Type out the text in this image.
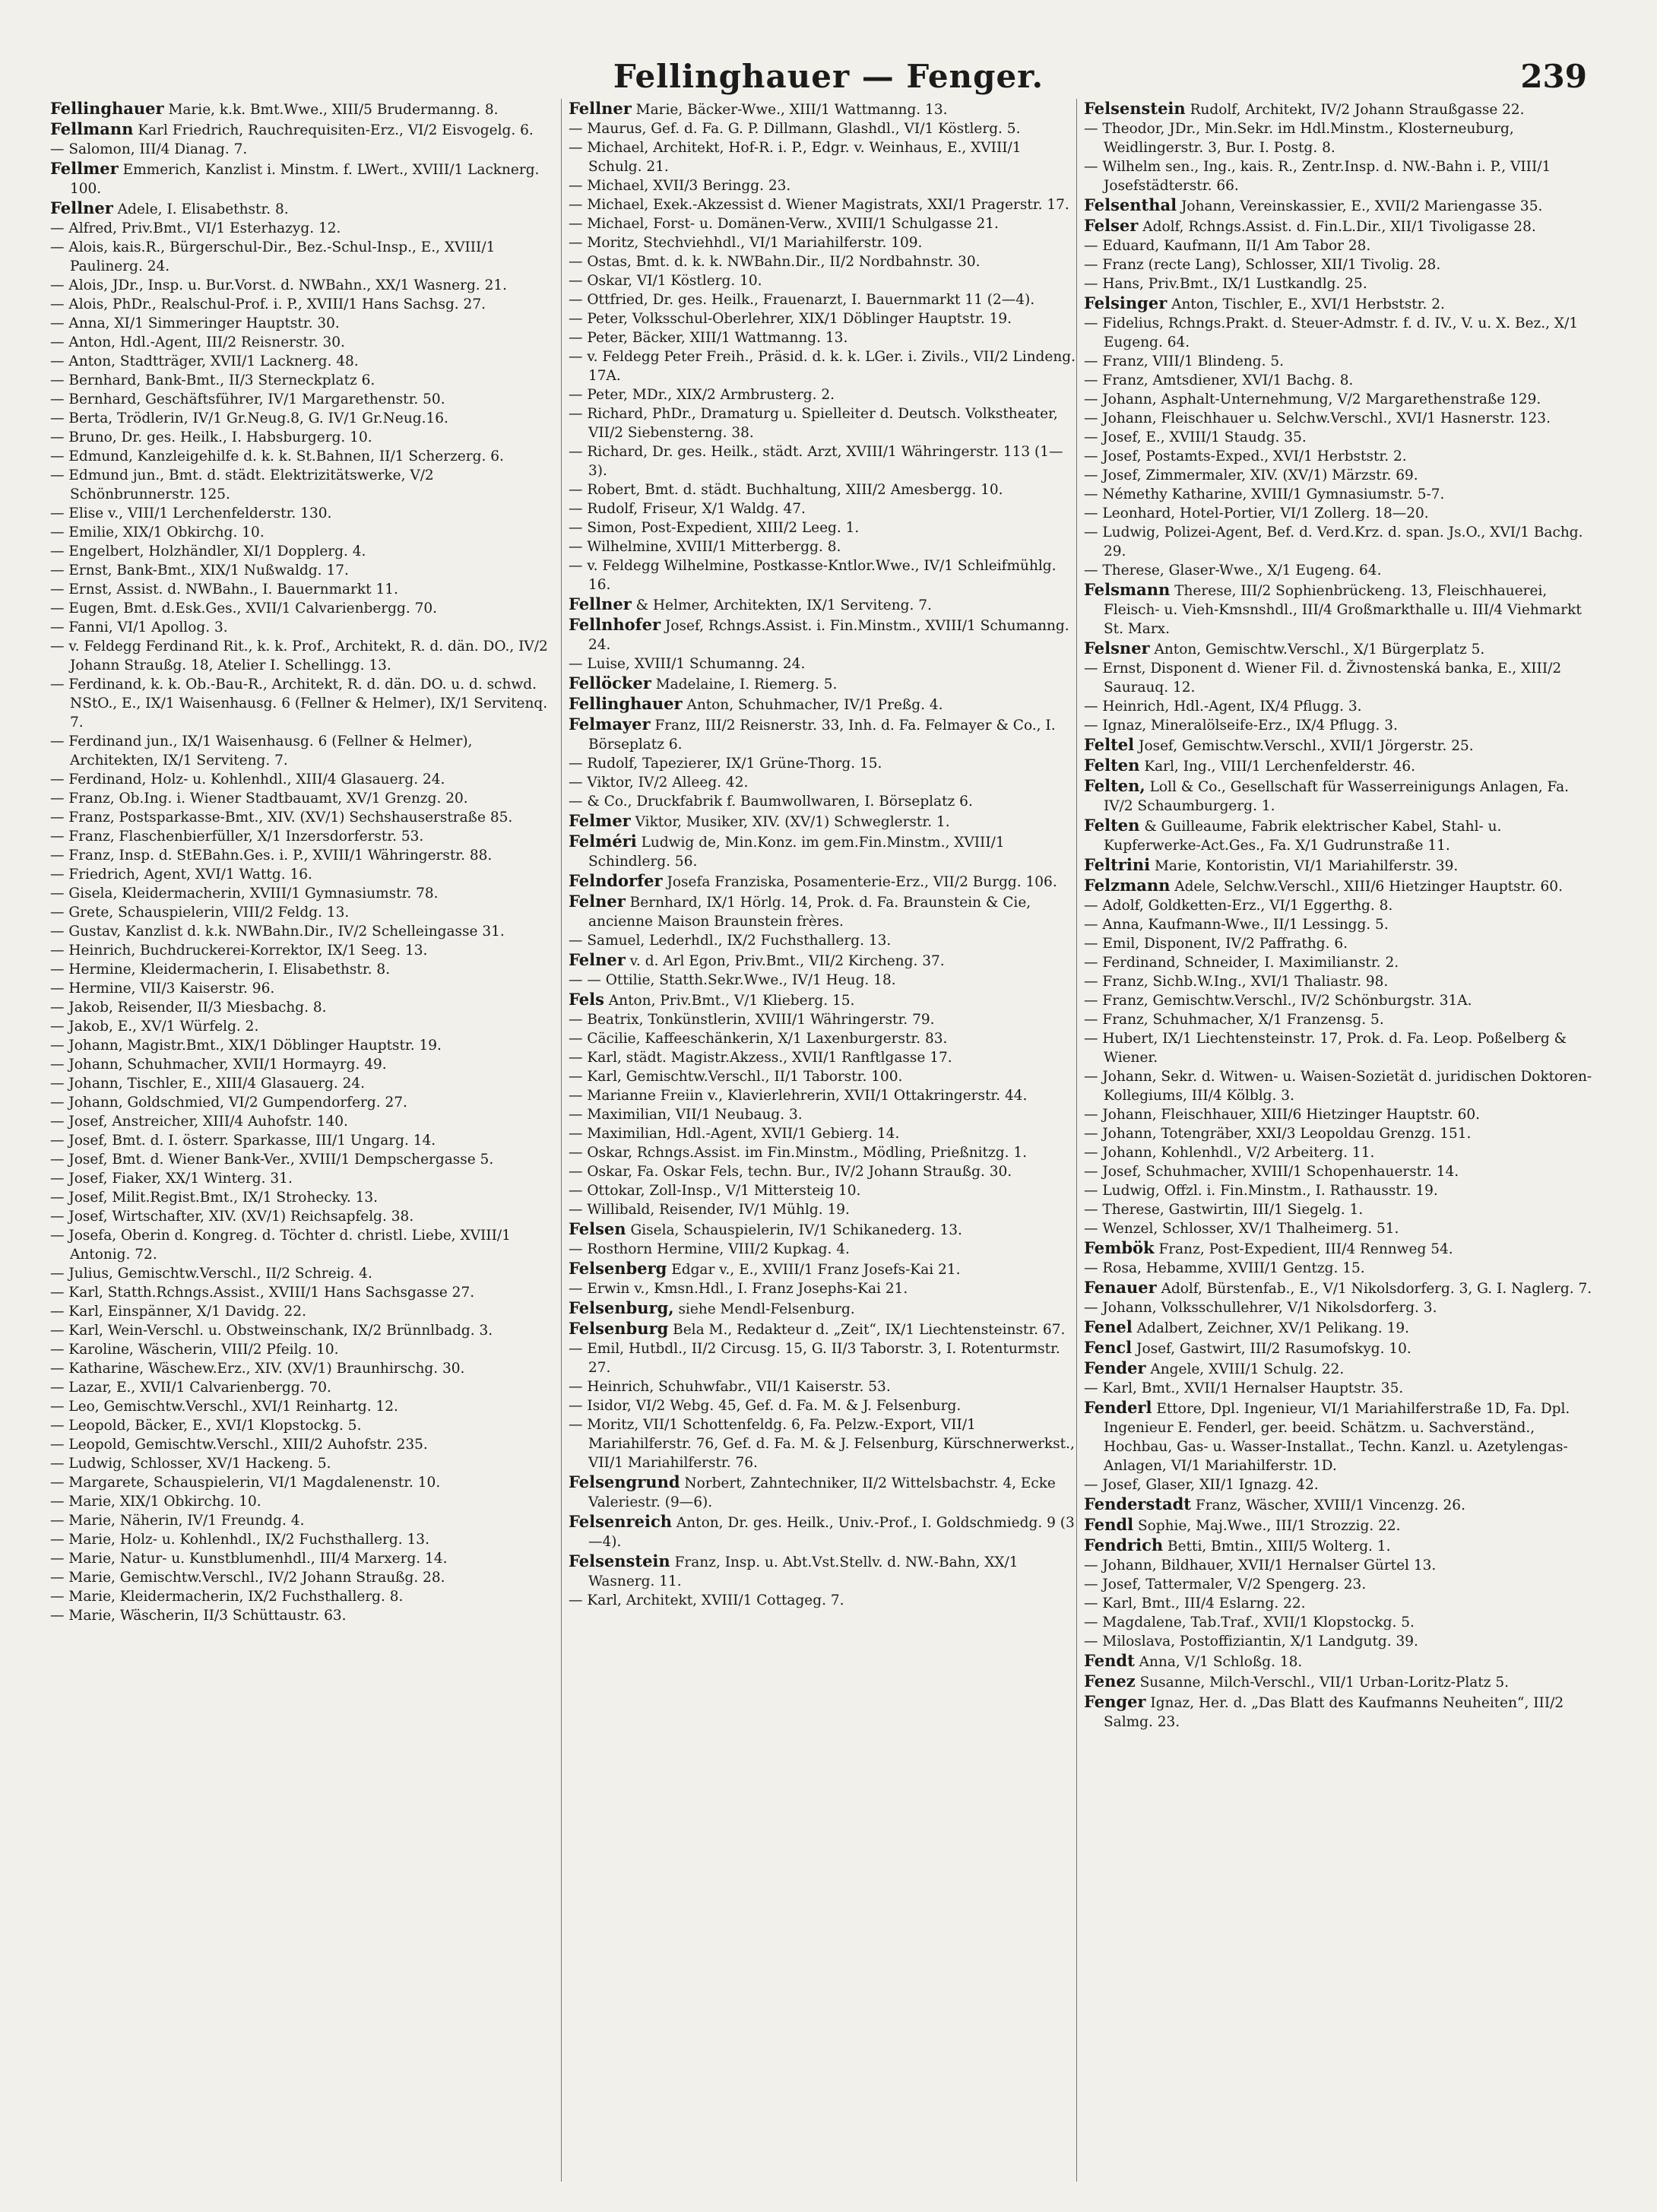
Fellinghauer — Fenger.	239
Fellinghauer Marie, k.k. Bmt.Wwe., XIII/5 Brudermanng. 8.
Fellmann Karl Friedrich, Rauchrequisiten-Erz., VI/2 Eisvogelg. 6.
— Salomon, III/4 Dianag. 7.
Fellmer Emmerich, Kanzlist i. Minstm. f. LWert., XVIII/1 Lacknerg. 100.
Fellner Adele, I. Elisabethstr. 8.
— Alfred, Priv.Bmt., VI/1 Esterhazyg. 12.
— Alois, kais.R., Bürgerschul-Dir., Bez.-Schul-Insp., E., XVIII/1 Paulinerg. 24.
— Alois, JDr., Insp. u. Bur.Vorst. d. NWBahn., XX/1 Wasnerg. 21.
— Alois, PhDr., Realschul-Prof. i. P., XVIII/1 Hans Sachsg. 27.
— Anna, XI/1 Simmeringer Hauptstr. 30.
— Anton, Hdl.-Agent, III/2 Reisnerstr. 30.
— Anton, Stadtträger, XVII/1 Lacknerg. 48.
— Bernhard, Bank-Bmt., II/3 Sterneckplatz 6.
— Bernhard, Geschäftsführer, IV/1 Margarethenstr. 50.
— Berta, Trödlerin, IV/1 Gr.Neug.8, G. IV/1 Gr.Neug.16.
— Bruno, Dr. ges. Heilk., I. Habsburgerg. 10.
— Edmund, Kanzleigehilfe d. k. k. St.Bahnen, II/1 Scherzerg. 6.
— Edmund jun., Bmt. d. städt. Elektrizitätswerke, V/2 Schönbrunnerstr. 125.
— Elise v., VIII/1 Lerchenfelderstr. 130.
— Emilie, XIX/1 Obkirchg. 10.
— Engelbert, Holzhändler, XI/1 Dopplerg. 4.
— Ernst, Bank-Bmt., XIX/1 Nußwaldg. 17.
— Ernst, Assist. d. NWBahn., I. Bauernmarkt 11.
— Eugen, Bmt. d.Esk.Ges., XVII/1 Calvarienbergg. 70.
— Fanni, VI/1 Apollog. 3.
— v. Feldegg Ferdinand Rit., k. k. Prof., Architekt, R. d. dän. DO., IV/2 Johann Straußg. 18, Atelier I. Schellingg. 13.
— Ferdinand, k. k. Ob.-Bau-R., Architekt, R. d. dän. DO. u. d. schwd. NStO., E., IX/1 Waisenhausg. 6 (Fellner & Helmer), IX/1 Servitenq. 7.
— Ferdinand jun., IX/1 Waisenhausg. 6 (Fellner & Helmer), Architekten, IX/1 Serviteng. 7.
— Ferdinand, Holz- u. Kohlenhdl., XIII/4 Glasauerg. 24.
— Franz, Ob.Ing. i. Wiener Stadtbauamt, XV/1 Grenzg. 20.
— Franz, Postsparkasse-Bmt., XIV. (XV/1) Sechshauserstraße 85.
— Franz, Flaschenbierfüller, X/1 Inzersdorferstr. 53.
— Franz, Insp. d. StEBahn.Ges. i. P., XVIII/1 Währingerstr. 88.
— Friedrich, Agent, XVI/1 Wattg. 16.
— Gisela, Kleidermacherin, XVIII/1 Gymnasiumstr. 78.
— Grete, Schauspielerin, VIII/2 Feldg. 13.
— Gustav, Kanzlist d. k.k. NWBahn.Dir., IV/2 Schelleingasse 31.
— Heinrich, Buchdruckerei-Korrektor, IX/1 Seeg. 13.
— Hermine, Kleidermacherin, I. Elisabethstr. 8.
— Hermine, VII/3 Kaiserstr. 96.
— Jakob, Reisender, II/3 Miesbachg. 8.
— Jakob, E., XV/1 Würfelg. 2.
— Johann, Magistr.Bmt., XIX/1 Döblinger Hauptstr. 19.
— Johann, Schuhmacher, XVII/1 Hormayrg. 49.
— Johann, Tischler, E., XIII/4 Glasauerg. 24.
— Johann, Goldschmied, VI/2 Gumpendorferg. 27.
— Josef, Anstreicher, XIII/4 Auhofstr. 140.
— Josef, Bmt. d. I. österr. Sparkasse, III/1 Ungarg. 14.
— Josef, Bmt. d. Wiener Bank-Ver., XVIII/1 Dempschergasse 5.
— Josef, Fiaker, XX/1 Winterg. 31.
— Josef, Milit.Regist.Bmt., IX/1 Strohecky. 13.
— Josef, Wirtschafter, XIV. (XV/1) Reichsapfelg. 38.
— Josefa, Oberin d. Kongreg. d. Töchter d. christl. Liebe, XVIII/1 Antonig. 72.
— Julius, Gemischtw.Verschl., II/2 Schreig. 4.
— Karl, Statth.Rchngs.Assist., XVIII/1 Hans Sachsgasse 27.
— Karl, Einspänner, X/1 Davidg. 22.
— Karl, Wein-Verschl. u. Obstweinschank, IX/2 Brünnlbadg. 3.
— Karoline, Wäscherin, VIII/2 Pfeilg. 10.
— Katharine, Wäschew.Erz., XIV. (XV/1) Braunhirschg. 30.
— Lazar, E., XVII/1 Calvarienbergg. 70.
— Leo, Gemischtw.Verschl., XVI/1 Reinhartg. 12.
— Leopold, Bäcker, E., XVI/1 Klopstockg. 5.
— Leopold, Gemischtw.Verschl., XIII/2 Auhofstr. 235.
— Ludwig, Schlosser, XV/1 Hackeng. 5.
— Margarete, Schauspielerin, VI/1 Magdalenenstr. 10.
— Marie, XIX/1 Obkirchg. 10.
— Marie, Näherin, IV/1 Freundg. 4.
— Marie, Holz- u. Kohlenhdl., IX/2 Fuchsthallerg. 13.
— Marie, Natur- u. Kunstblumenhdl., III/4 Marxerg. 14.
— Marie, Gemischtw.Verschl., IV/2 Johann Straußg. 28.
— Marie, Kleidermacherin, IX/2 Fuchsthallerg. 8.
— Marie, Wäscherin, II/3 Schüttaustr. 63.
Fellner Marie, Bäcker-Wwe., XIII/1 Wattmanng. 13.
— Maurus, Gef. d. Fa. G. P. Dillmann, Glashdl., VI/1 Köstlerg. 5.
— Michael, Architekt, Hof-R. i. P., Edgr. v. Weinhaus, E., XVIII/1 Schulg. 21.
— Michael, XVII/3 Beringg. 23.
— Michael, Exek.-Akzessist d. Wiener Magistrats, XXI/1 Pragerstr. 17.
— Michael, Forst- u. Domänen-Verw., XVIII/1 Schulgasse 21.
— Moritz, Stechviehhdl., VI/1 Mariahilferstr. 109.
— Ostas, Bmt. d. k. k. NWBahn.Dir., II/2 Nordbahnstr. 30.
— Oskar, VI/1 Köstlerg. 10.
— Ottfried, Dr. ges. Heilk., Frauenarzt, I. Bauernmarkt 11 (2—4).
— Peter, Volksschul-Oberlehrer, XIX/1 Döblinger Hauptstr. 19.
— Peter, Bäcker, XIII/1 Wattmanng. 13.
— v. Feldegg Peter Freih., Präsid. d. k. k. LGer. i. Zivils., VII/2 Lindeng. 17A.
— Peter, MDr., XIX/2 Armbrusterg. 2.
— Richard, PhDr., Dramaturg u. Spielleiter d. Deutsch. Volkstheater, VII/2 Siebensterng. 38.
— Richard, Dr. ges. Heilk., städt. Arzt, XVIII/1 Währingerstr. 113 (1—3).
— Robert, Bmt. d. städt. Buchhaltung, XIII/2 Amesbergg. 10.
— Rudolf, Friseur, X/1 Waldg. 47.
— Simon, Post-Expedient, XIII/2 Leeg. 1.
— Wilhelmine, XVIII/1 Mitterbergg. 8.
— v. Feldegg Wilhelmine, Postkasse-Kntlor.Wwe., IV/1 Schleifmühlg. 16.
Fellner & Helmer, Architekten, IX/1 Serviteng. 7.
Fellnhofer Josef, Rchngs.Assist. i. Fin.Minstm., XVIII/1 Schumanng. 24.
— Luise, XVIII/1 Schumanng. 24.
Fellöcker Madelaine, I. Riemerg. 5.
Fellinghauer Anton, Schuhmacher, IV/1 Preßg. 4.
Felmayer Franz, III/2 Reisnerstr. 33, Inh. d. Fa. Felmayer & Co., I. Börseplatz 6.
— Rudolf, Tapezierer, IX/1 Grüne-Thorg. 15.
— Viktor, IV/2 Alleeg. 42.
— & Co., Druckfabrik f. Baumwollwaren, I. Börseplatz 6.
Felmer Viktor, Musiker, XIV. (XV/1) Schweglerstr. 1.
Felméri Ludwig de, Min.Konz. im gem.Fin.Minstm., XVIII/1 Schindlerg. 56.
Felndorfer Josefa Franziska, Posamenterie-Erz., VII/2 Burgg. 106.
Felner Bernhard, IX/1 Hörlg. 14, Prok. d. Fa. Braunstein & Cie, ancienne Maison Braunstein frères.
— Samuel, Lederhdl., IX/2 Fuchsthallerg. 13.
Felner v. d. Arl Egon, Priv.Bmt., VII/2 Kircheng. 37.
— — Ottilie, Statth.Sekr.Wwe., IV/1 Heug. 18.
Fels Anton, Priv.Bmt., V/1 Klieberg. 15.
— Beatrix, Tonkünstlerin, XVIII/1 Währingerstr. 79.
— Cäcilie, Kaffeeschänkerin, X/1 Laxenburgerstr. 83.
— Karl, städt. Magistr.Akzess., XVII/1 Ranftlgasse 17.
— Karl, Gemischtw.Verschl., II/1 Taborstr. 100.
— Marianne Freiin v., Klavierlehrerin, XVII/1 Ottakringerstr. 44.
— Maximilian, VII/1 Neubaug. 3.
— Maximilian, Hdl.-Agent, XVII/1 Gebierg. 14.
— Oskar, Rchngs.Assist. im Fin.Minstm., Mödling, Prießnitzg. 1.
— Oskar, Fa. Oskar Fels, techn. Bur., IV/2 Johann Straußg. 30.
— Ottokar, Zoll-Insp., V/1 Mittersteig 10.
— Willibald, Reisender, IV/1 Mühlg. 19.
Felsen Gisela, Schauspielerin, IV/1 Schikanederg. 13.
— Rosthorn Hermine, VIII/2 Kupkag. 4.
Felsenberg Edgar v., E., XVIII/1 Franz Josefs-Kai 21.
— Erwin v., Kmsn.Hdl., I. Franz Josephs-Kai 21.
Felsenburg, siehe Mendl-Felsenburg.
Felsenburg Bela M., Redakteur d. „Zeit“, IX/1 Liechtensteinstr. 67.
— Emil, Hutbdl., II/2 Circusg. 15, G. II/3 Taborstr. 3, I. Rotenturmstr. 27.
— Heinrich, Schuhwfabr., VII/1 Kaiserstr. 53.
— Isidor, VI/2 Webg. 45, Gef. d. Fa. M. & J. Felsenburg.
— Moritz, VII/1 Schottenfeldg. 6, Fa. Pelzw.-Export, VII/1 Mariahilferstr. 76, Gef. d. Fa. M. & J. Felsenburg, Kürschnerwerkst., VII/1 Mariahilferstr. 76.
Felsengrund Norbert, Zahntechniker, II/2 Wittelsbachstr. 4, Ecke Valeriestr. (9—6).
Felsenreich Anton, Dr. ges. Heilk., Univ.-Prof., I. Goldschmiedg. 9 (3—4).
Felsenstein Franz, Insp. u. Abt.Vst.Stellv. d. NW.-Bahn, XX/1 Wasnerg. 11.
— Karl, Architekt, XVIII/1 Cottageg. 7.
Felsenstein Rudolf, Architekt, IV/2 Johann Straußgasse 22.
— Theodor, JDr., Min.Sekr. im Hdl.Minstm., Klosterneuburg, Weidlingerstr. 3, Bur. I. Postg. 8.
— Wilhelm sen., Ing., kais. R., Zentr.Insp. d. NW.-Bahn i. P., VIII/1 Josefstädterstr. 66.
Felsenthal Johann, Vereinskassier, E., XVII/2 Mariengasse 35.
Felser Adolf, Rchngs.Assist. d. Fin.L.Dir., XII/1 Tivoligasse 28.
— Eduard, Kaufmann, II/1 Am Tabor 28.
— Franz (recte Lang), Schlosser, XII/1 Tivolig. 28.
— Hans, Priv.Bmt., IX/1 Lustkandlg. 25.
Felsinger Anton, Tischler, E., XVI/1 Herbststr. 2.
— Fidelius, Rchngs.Prakt. d. Steuer-Admstr. f. d. IV., V. u. X. Bez., X/1 Eugeng. 64.
— Franz, VIII/1 Blindeng. 5.
— Franz, Amtsdiener, XVI/1 Bachg. 8.
— Johann, Asphalt-Unternehmung, V/2 Margarethenstraße 129.
— Johann, Fleischhauer u. Selchw.Verschl., XVI/1 Hasnerstr. 123.
— Josef, E., XVIII/1 Staudg. 35.
— Josef, Postamts-Exped., XVI/1 Herbststr. 2.
— Josef, Zimmermaler, XIV. (XV/1) Märzstr. 69.
— Némethy Katharine, XVIII/1 Gymnasiumstr. 5-7.
— Leonhard, Hotel-Portier, VI/1 Zollerg. 18—20.
— Ludwig, Polizei-Agent, Bef. d. Verd.Krz. d. span. Js.O., XVI/1 Bachg. 29.
— Therese, Glaser-Wwe., X/1 Eugeng. 64.
Felsmann Therese, III/2 Sophienbrückeng. 13, Fleischhauerei, Fleisch- u. Vieh-Kmsnshdl., III/4 Großmarkthalle u. III/4 Viehmarkt St. Marx.
Felsner Anton, Gemischtw.Verschl., X/1 Bürgerplatz 5.
— Ernst, Disponent d. Wiener Fil. d. Živnostenská banka, E., XIII/2 Saurauq. 12.
— Heinrich, Hdl.-Agent, IX/4 Pflugg. 3.
— Ignaz, Mineralölseife-Erz., IX/4 Pflugg. 3.
Feltel Josef, Gemischtw.Verschl., XVII/1 Jörgerstr. 25.
Felten Karl, Ing., VIII/1 Lerchenfelderstr. 46.
Felten, Loll & Co., Gesellschaft für Wasserreinigungs Anlagen, Fa. IV/2 Schaumburgerg. 1.
Felten & Guilleaume, Fabrik elektrischer Kabel, Stahl- u. Kupferwerke-Act.Ges., Fa. X/1 Gudrunstraße 11.
Feltrini Marie, Kontoristin, VI/1 Mariahilferstr. 39.
Felzmann Adele, Selchw.Verschl., XIII/6 Hietzinger Hauptstr. 60.
— Adolf, Goldketten-Erz., VI/1 Eggerthg. 8.
— Anna, Kaufmann-Wwe., II/1 Lessingg. 5.
— Emil, Disponent, IV/2 Paffrathg. 6.
— Ferdinand, Schneider, I. Maximilianstr. 2.
— Franz, Sichb.W.Ing., XVI/1 Thaliastr. 98.
— Franz, Gemischtw.Verschl., IV/2 Schönburgstr. 31A.
— Franz, Schuhmacher, X/1 Franzensg. 5.
— Hubert, IX/1 Liechtensteinstr. 17, Prok. d. Fa. Leop. Poßelberg & Wiener.
— Johann, Sekr. d. Witwen- u. Waisen-Sozietät d. juridischen Doktoren-Kollegiums, III/4 Kölblg. 3.
— Johann, Fleischhauer, XIII/6 Hietzinger Hauptstr. 60.
— Johann, Totengräber, XXI/3 Leopoldau Grenzg. 151.
— Johann, Kohlenhdl., V/2 Arbeiterg. 11.
— Josef, Schuhmacher, XVIII/1 Schopenhauerstr. 14.
— Ludwig, Offzl. i. Fin.Minstm., I. Rathausstr. 19.
— Therese, Gastwirtin, III/1 Siegelg. 1.
— Wenzel, Schlosser, XV/1 Thalheimerg. 51.
Fembök Franz, Post-Expedient, III/4 Rennweg 54.
— Rosa, Hebamme, XVIII/1 Gentzg. 15.
Fenauer Adolf, Bürstenfab., E., V/1 Nikolsdorferg. 3, G. I. Naglerg. 7.
— Johann, Volksschullehrer, V/1 Nikolsdorferg. 3.
Fenel Adalbert, Zeichner, XV/1 Pelikang. 19.
Fencl Josef, Gastwirt, III/2 Rasumofskyg. 10.
Fender Angele, XVIII/1 Schulg. 22.
— Karl, Bmt., XVII/1 Hernalser Hauptstr. 35.
Fenderl Ettore, Dpl. Ingenieur, VI/1 Mariahilferstraße 1D, Fa. Dpl. Ingenieur E. Fenderl, ger. beeid. Schätzm. u. Sachverständ., Hochbau, Gas- u. Wasser-Installat., Techn. Kanzl. u. Azetylengas-Anlagen, VI/1 Mariahilferstr. 1D.
— Josef, Glaser, XII/1 Ignazg. 42.
Fenderstadt Franz, Wäscher, XVIII/1 Vincenzg. 26.
Fendl Sophie, Maj.Wwe., III/1 Strozzig. 22.
Fendrich Betti, Bmtin., XIII/5 Wolterg. 1.
— Johann, Bildhauer, XVII/1 Hernalser Gürtel 13.
— Josef, Tattermaler, V/2 Spengerg. 23.
— Karl, Bmt., III/4 Eslarng. 22.
— Magdalene, Tab.Traf., XVII/1 Klopstockg. 5.
— Miloslava, Postoffiziantin, X/1 Landgutg. 39.
Fendt Anna, V/1 Schloßg. 18.
Fenez Susanne, Milch-Verschl., VII/1 Urban-Loritz-Platz 5.
Fenger Ignaz, Her. d. „Das Blatt des Kaufmanns Neuheiten“, III/2 Salmg. 23.
